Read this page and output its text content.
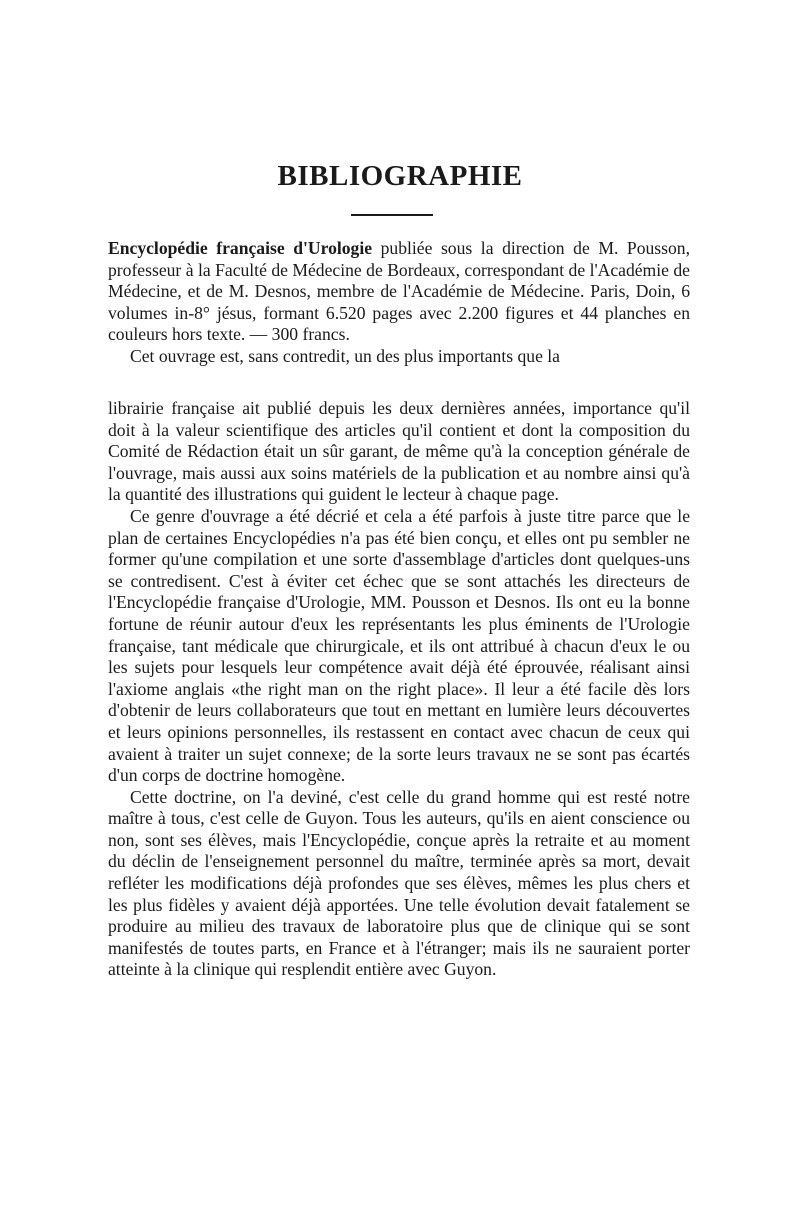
BIBLIOGRAPHIE

Encyclopédie française d'Urologie publiée sous la direction de M. Pousson, professeur à la Faculté de Médecine de Bordeaux, correspondant de l'Académie de Médecine, et de M. Desnos, membre de l'Académie de Médecine. Paris, Doin, 6 volumes in-8° jésus, formant 6.520 pages avec 2.200 figures et 44 planches en couleurs hors texte. — 300 francs.

Cet ouvrage est, sans contredit, un des plus importants que la

librairie française ait publié depuis les deux dernières années, importance qu'il doit à la valeur scientifique des articles qu'il contient et dont la composition du Comité de Rédaction était un sûr garant, de même qu'à la conception générale de l'ouvrage, mais aussi aux soins matériels de la publication et au nombre ainsi qu'à la quantité des illustrations qui guident le lecteur à chaque page.

Ce genre d'ouvrage a été décrié et cela a été parfois à juste titre parce que le plan de certaines Encyclopédies n'a pas été bien conçu, et elles ont pu sembler ne former qu'une compilation et une sorte d'assemblage d'articles dont quelques-uns se contredisent. C'est à éviter cet échec que se sont attachés les directeurs de l'Encyclopédie française d'Urologie, MM. Pousson et Desnos. Ils ont eu la bonne fortune de réunir autour d'eux les représentants les plus éminents de l'Urologie française, tant médicale que chirurgicale, et ils ont attribué à chacun d'eux le ou les sujets pour lesquels leur compétence avait déjà été éprouvée, réalisant ainsi l'axiome anglais «the right man on the right place». Il leur a été facile dès lors d'obtenir de leurs collaborateurs que tout en mettant en lumière leurs découvertes et leurs opinions personnelles, ils restassent en contact avec chacun de ceux qui avaient à traiter un sujet connexe; de la sorte leurs travaux ne se sont pas écartés d'un corps de doctrine homogène.

Cette doctrine, on l'a deviné, c'est celle du grand homme qui est resté notre maître à tous, c'est celle de Guyon. Tous les auteurs, qu'ils en aient conscience ou non, sont ses élèves, mais l'Encyclopédie, conçue après la retraite et au moment du déclin de l'enseignement personnel du maître, terminée après sa mort, devait refléter les modifications déjà profondes que ses élèves, mêmes les plus chers et les plus fidèles y avaient déjà apportées. Une telle évolution devait fatalement se produire au milieu des travaux de laboratoire plus que de clinique qui se sont manifestés de toutes parts, en France et à l'étranger; mais ils ne sauraient porter atteinte à la clinique qui resplendit entière avec Guyon.
